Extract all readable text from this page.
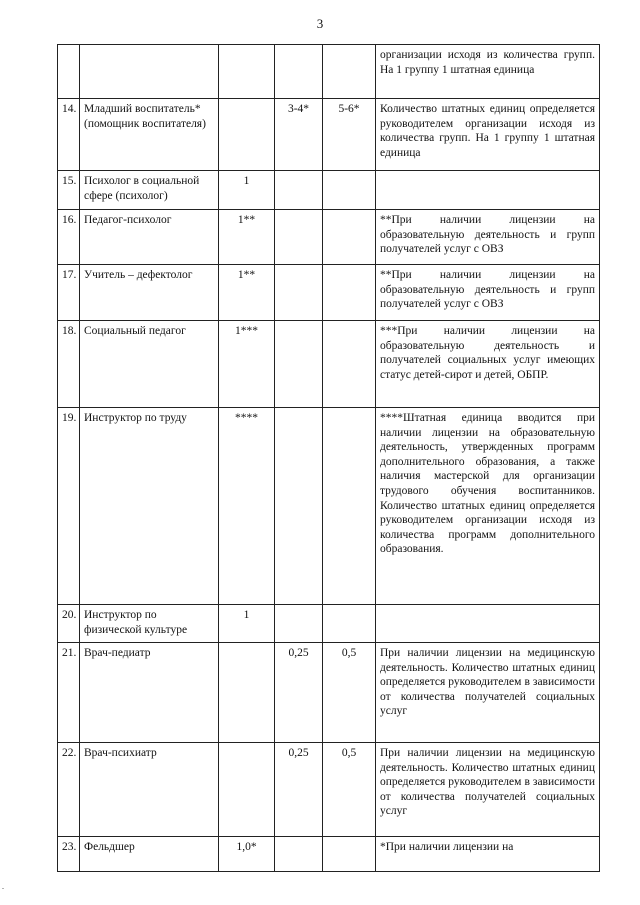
3
					организации исходя из количества групп. На 1 группу 1 штатная единица
14.	Младший воспитатель* (помощник воспитателя)		3-4*	5-6*	Количество штатных единиц определяется руководителем организации исходя из количества групп. На 1 группу 1 штатная единица
15.	Психолог в социальной сфере (психолог)	1			
16.	Педагог-психолог	1**			**При наличии лицензии на образовательную деятельность и групп получателей услуг с ОВЗ
17.	Учитель – дефектолог	1**			**При наличии лицензии на образовательную деятельность и групп получателей услуг с ОВЗ
18.	Социальный педагог	1***			***При наличии лицензии на образовательную деятельность и получателей социальных услуг имеющих статус детей-сирот и детей, ОБПР.
19.	Инструктор по труду	****			****Штатная единица вводится при наличии лицензии на образовательную деятельность, утвержденных программ дополнительного образования, а также наличия мастерской для организации трудового обучения воспитанников. Количество штатных единиц определяется руководителем организации исходя из количества программ дополнительного образования.
20.	Инструктор по физической культуре	1			
21.	Врач-педиатр		0,25	0,5	При наличии лицензии на медицинскую деятельность. Количество штатных единиц определяется руководителем в зависимости от количества получателей социальных услуг
22.	Врач-психиатр		0,25	0,5	При наличии лицензии на медицинскую деятельность. Количество штатных единиц определяется руководителем в зависимости от количества получателей социальных услуг
23.	Фельдшер	1,0*			*При наличии лицензии на
.
